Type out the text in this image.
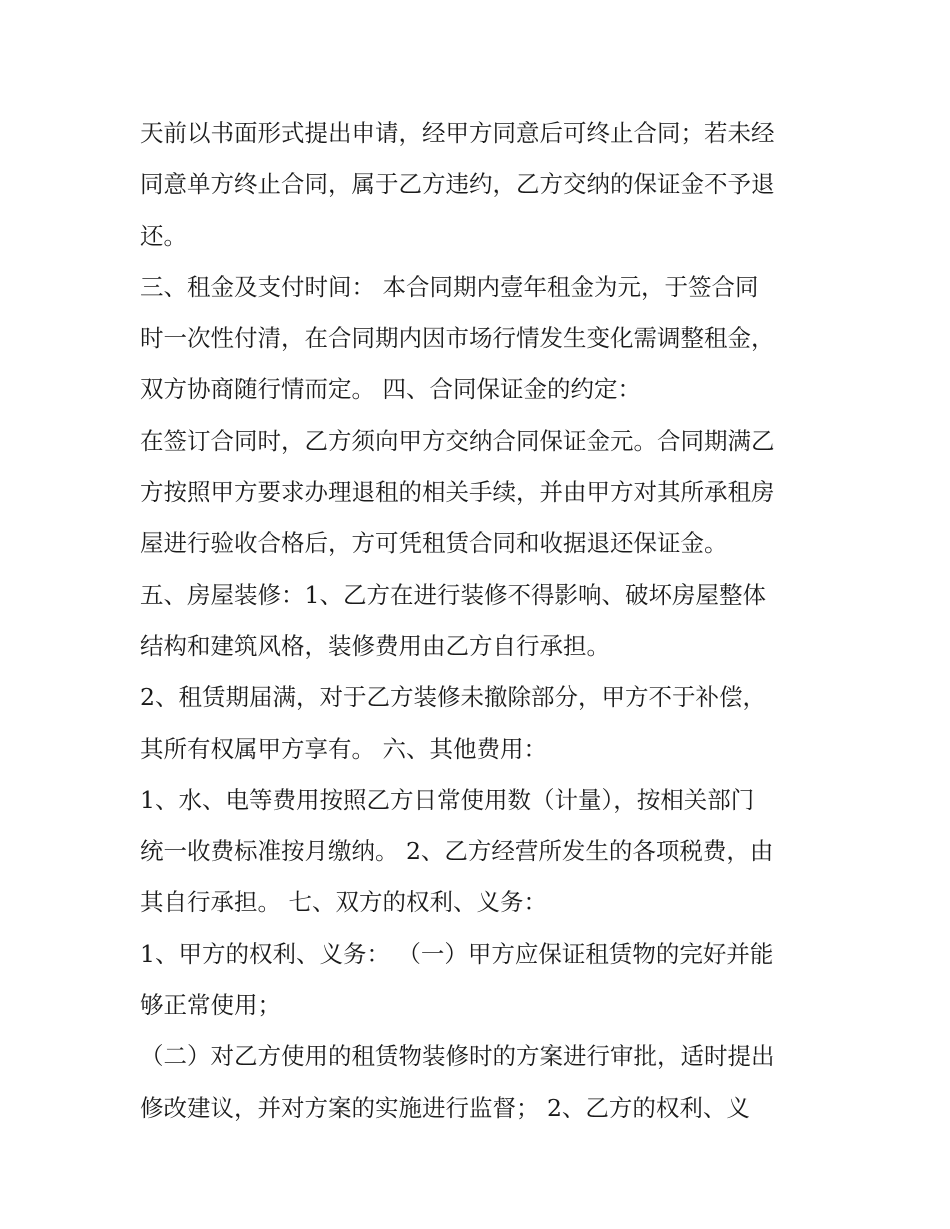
天前以书面形式提出申请，经甲方同意后可终止合同；若未经
同意单方终止合同，属于乙方违约，乙方交纳的保证金不予退
还。
三、租金及支付时间： 本合同期内壹年租金为元，于签合同
时一次性付清，在合同期内因市场行情发生变化需调整租金，
双方协商随行情而定。 四、合同保证金的约定：
在签订合同时，乙方须向甲方交纳合同保证金元。合同期满乙
方按照甲方要求办理退租的相关手续，并由甲方对其所承租房
屋进行验收合格后，方可凭租赁合同和收据退还保证金。
五、房屋装修：1、乙方在进行装修不得影响、破坏房屋整体
结构和建筑风格，装修费用由乙方自行承担。
2、租赁期届满，对于乙方装修未撤除部分，甲方不于补偿，
其所有权属甲方享有。 六、其他费用：
1、水、电等费用按照乙方日常使用数（计量），按相关部门
统一收费标准按月缴纳。 2、乙方经营所发生的各项税费，由
其自行承担。 七、双方的权利、义务：
1、甲方的权利、义务： （一）甲方应保证租赁物的完好并能
够正常使用；
（二）对乙方使用的租赁物装修时的方案进行审批，适时提出
修改建议，并对方案的实施进行监督； 2、乙方的权利、义
